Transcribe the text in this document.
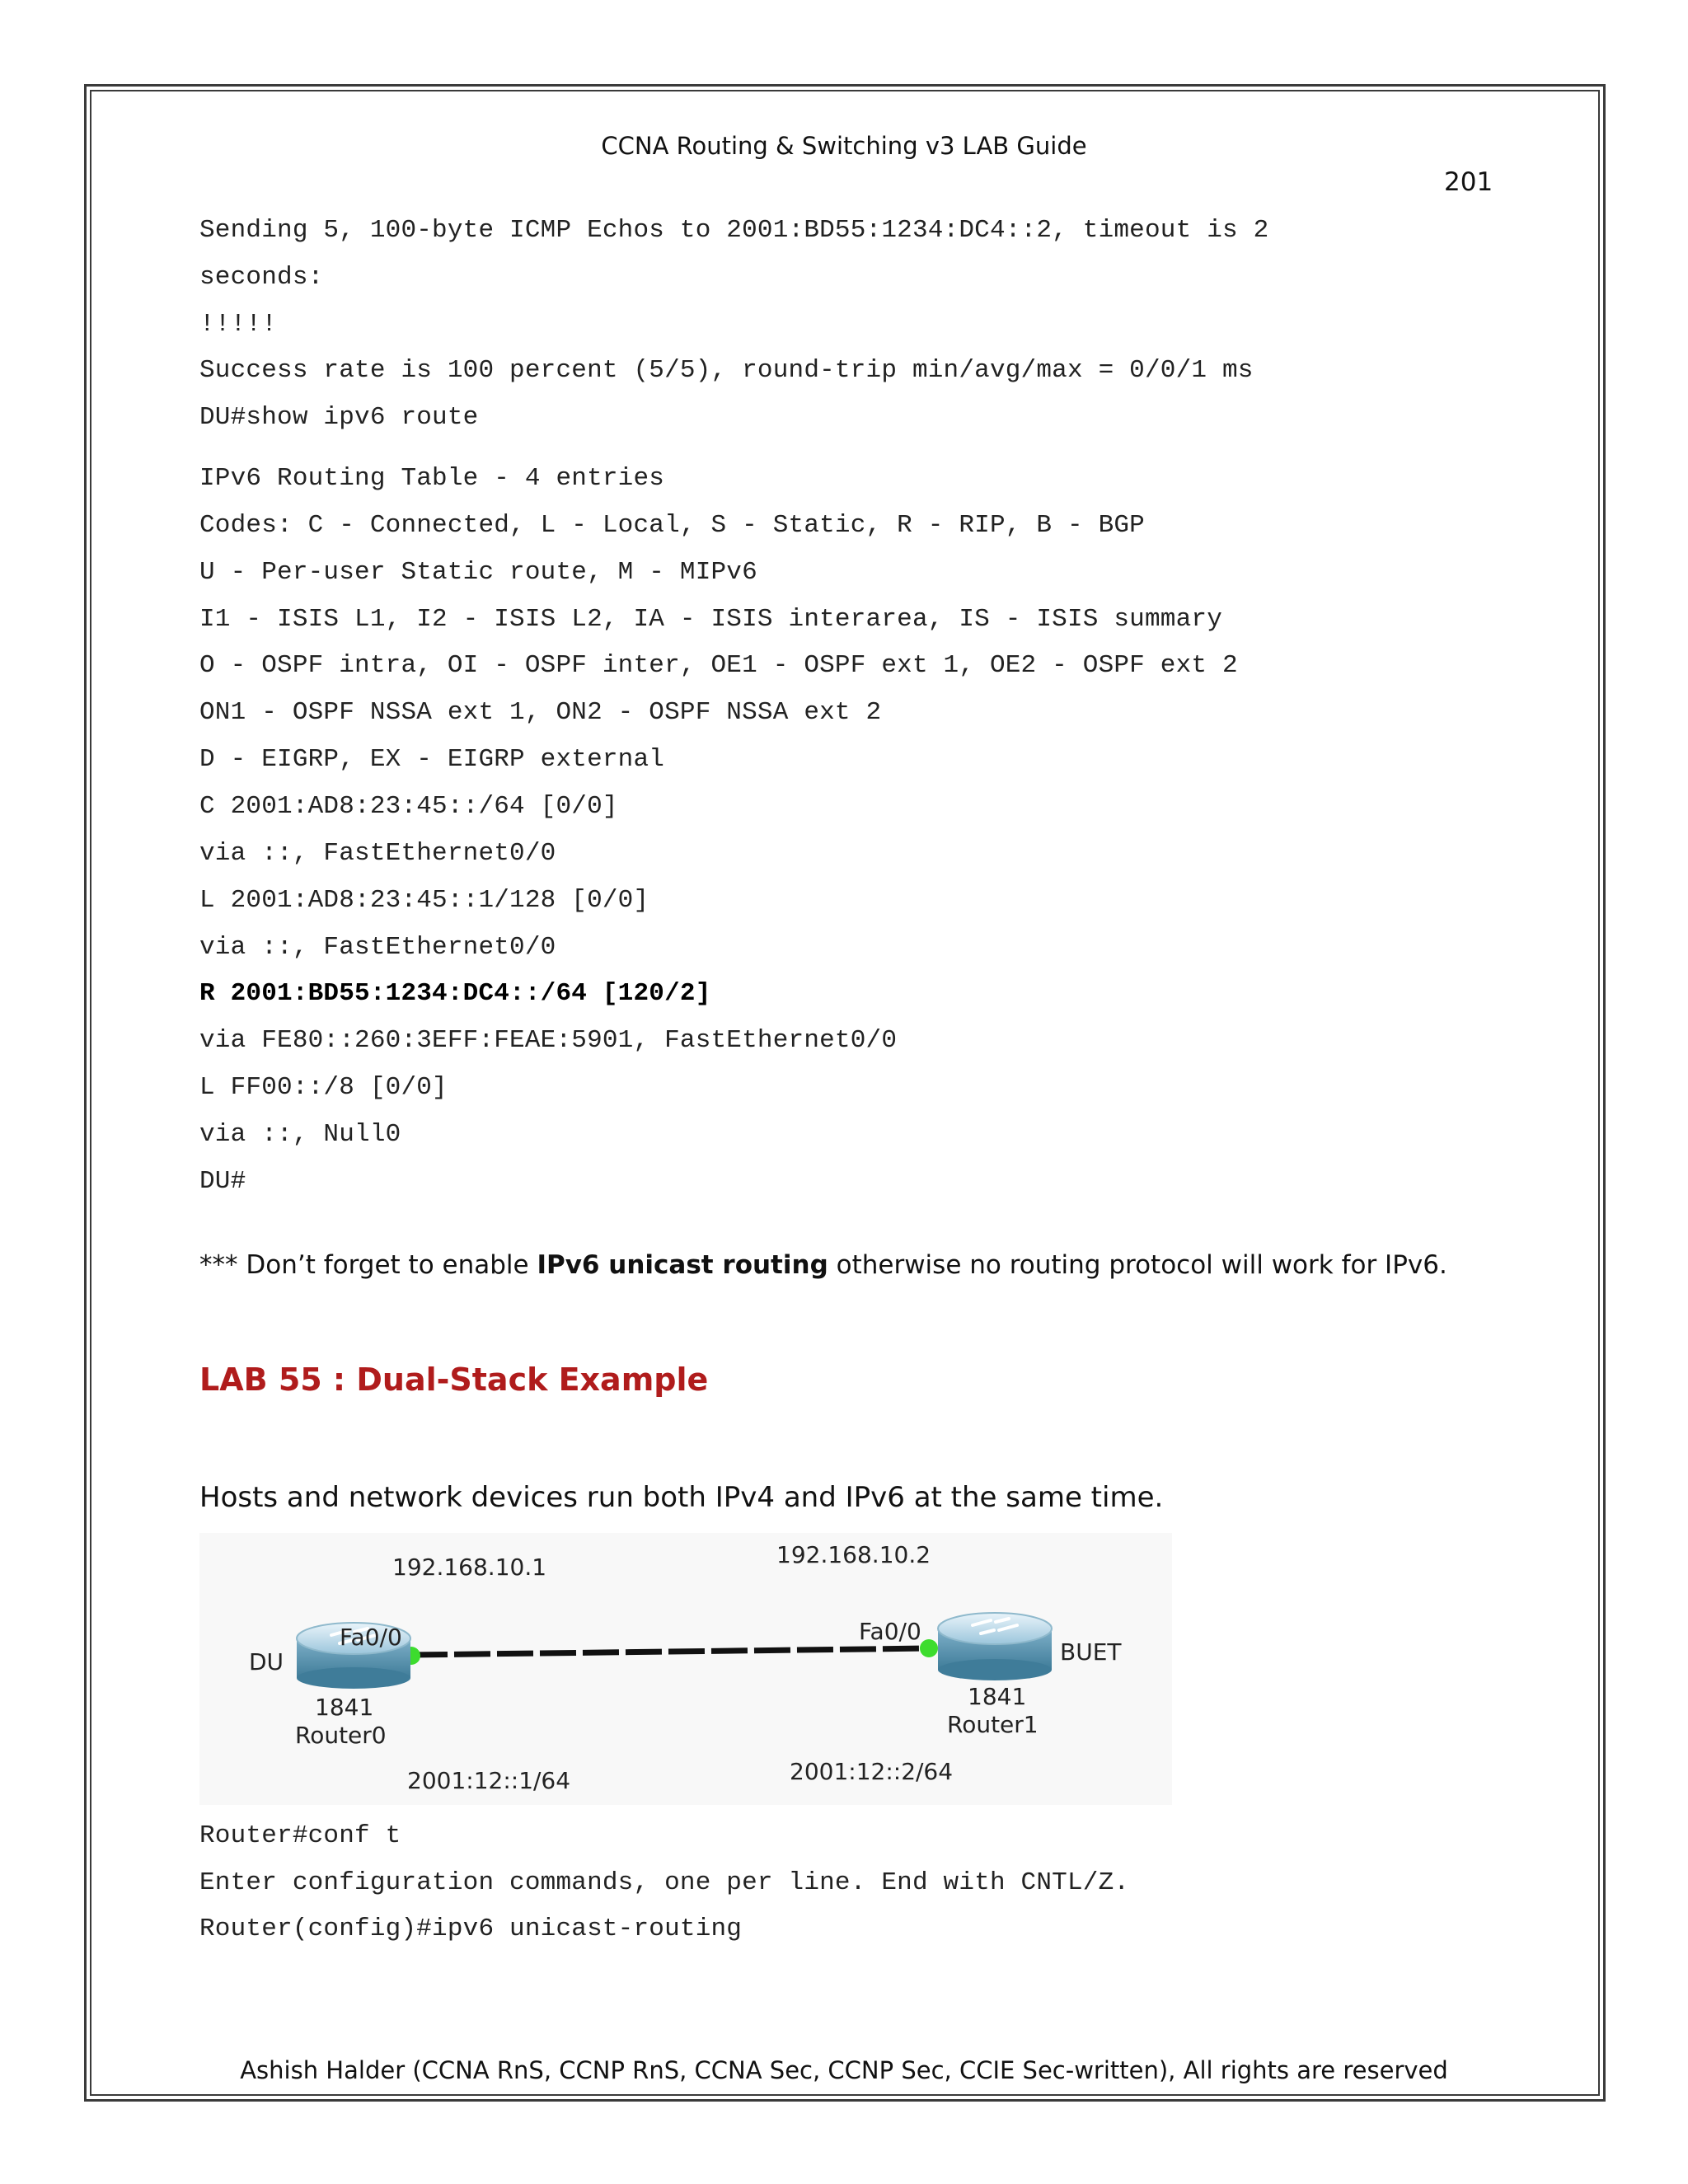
CCNA Routing & Switching v3 LAB Guide
201
Sending 5, 100-byte ICMP Echos to 2001:BD55:1234:DC4::2, timeout is 2
seconds:
!!!!!
Success rate is 100 percent (5/5), round-trip min/avg/max = 0/0/1 ms
DU#show ipv6 route
IPv6 Routing Table - 4 entries
Codes: C - Connected, L - Local, S - Static, R - RIP, B - BGP
U - Per-user Static route, M - MIPv6
I1 - ISIS L1, I2 - ISIS L2, IA - ISIS interarea, IS - ISIS summary
O - OSPF intra, OI - OSPF inter, OE1 - OSPF ext 1, OE2 - OSPF ext 2
ON1 - OSPF NSSA ext 1, ON2 - OSPF NSSA ext 2
D - EIGRP, EX - EIGRP external
C 2001:AD8:23:45::/64 [0/0]
via ::, FastEthernet0/0
L 2001:AD8:23:45::1/128 [0/0]
via ::, FastEthernet0/0
R 2001:BD55:1234:DC4::/64 [120/2]
via FE80::260:3EFF:FEAE:5901, FastEthernet0/0
L FF00::/8 [0/0]
via ::, Null0
DU#
*** Don’t forget to enable IPv6 unicast routing otherwise no routing protocol will work for IPv6.
LAB 55 : Dual-Stack Example
Hosts and network devices run both IPv4 and IPv6 at the same time.
192.168.10.1	192.168.10.2
Fa0/0	Fa0/0
DU	BUET
1841	1841
Router0	Router1
2001:12::1/64	2001:12::2/64
Router#conf t
Enter configuration commands, one per line. End with CNTL/Z.
Router(config)#ipv6 unicast-routing
Ashish Halder (CCNA RnS, CCNP RnS, CCNA Sec, CCNP Sec, CCIE Sec-written), All rights are reserved
